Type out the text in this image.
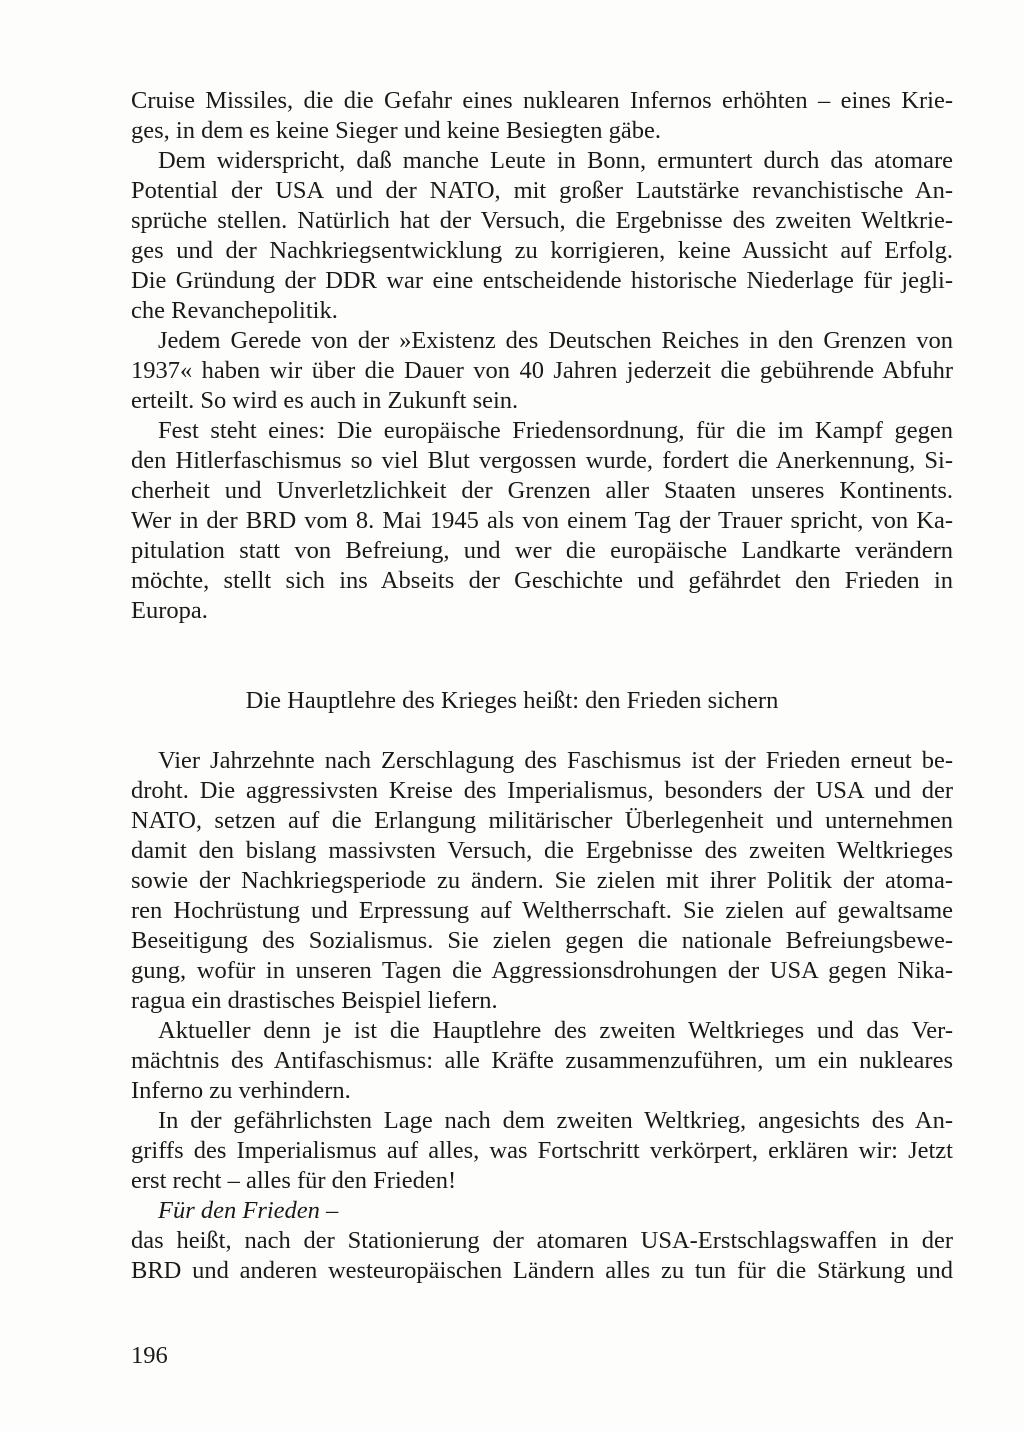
Cruise Missiles, die die Gefahr eines nuklearen Infernos erhöhten – eines Krie-
ges, in dem es keine Sieger und keine Besiegten gäbe.
Dem widerspricht, daß manche Leute in Bonn, ermuntert durch das atomare
Potential der USA und der NATO, mit großer Lautstärke revanchistische An-
sprüche stellen. Natürlich hat der Versuch, die Ergebnisse des zweiten Weltkrie-
ges und der Nachkriegsentwicklung zu korrigieren, keine Aussicht auf Erfolg.
Die Gründung der DDR war eine entscheidende historische Niederlage für jegli-
che Revanchepolitik.
Jedem Gerede von der »Existenz des Deutschen Reiches in den Grenzen von
1937« haben wir über die Dauer von 40 Jahren jederzeit die gebührende Abfuhr
erteilt. So wird es auch in Zukunft sein.
Fest steht eines: Die europäische Friedensordnung, für die im Kampf gegen
den Hitlerfaschismus so viel Blut vergossen wurde, fordert die Anerkennung, Si-
cherheit und Unverletzlichkeit der Grenzen aller Staaten unseres Kontinents.
Wer in der BRD vom 8. Mai 1945 als von einem Tag der Trauer spricht, von Ka-
pitulation statt von Befreiung, und wer die europäische Landkarte verändern
möchte, stellt sich ins Abseits der Geschichte und gefährdet den Frieden in
Europa.
Die Hauptlehre des Krieges heißt: den Frieden sichern
Vier Jahrzehnte nach Zerschlagung des Faschismus ist der Frieden erneut be-
droht. Die aggressivsten Kreise des Imperialismus, besonders der USA und der
NATO, setzen auf die Erlangung militärischer Überlegenheit und unternehmen
damit den bislang massivsten Versuch, die Ergebnisse des zweiten Weltkrieges
sowie der Nachkriegsperiode zu ändern. Sie zielen mit ihrer Politik der atoma-
ren Hochrüstung und Erpressung auf Weltherrschaft. Sie zielen auf gewaltsame
Beseitigung des Sozialismus. Sie zielen gegen die nationale Befreiungsbewe-
gung, wofür in unseren Tagen die Aggressionsdrohungen der USA gegen Nika-
ragua ein drastisches Beispiel liefern.
Aktueller denn je ist die Hauptlehre des zweiten Weltkrieges und das Ver-
mächtnis des Antifaschismus: alle Kräfte zusammenzuführen, um ein nukleares
Inferno zu verhindern.
In der gefährlichsten Lage nach dem zweiten Weltkrieg, angesichts des An-
griffs des Imperialismus auf alles, was Fortschritt verkörpert, erklären wir: Jetzt
erst recht – alles für den Frieden!
Für den Frieden –
das heißt, nach der Stationierung der atomaren USA-Erstschlagswaffen in der
BRD und anderen westeuropäischen Ländern alles zu tun für die Stärkung und
196
